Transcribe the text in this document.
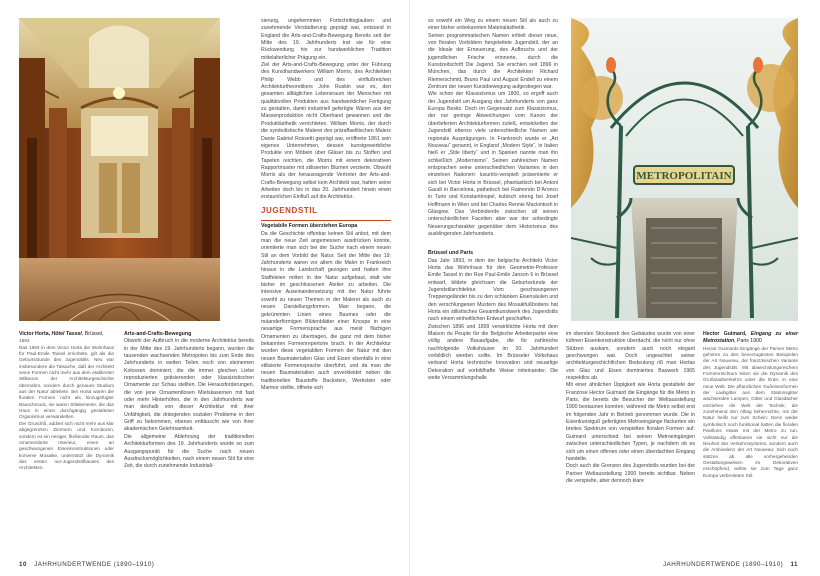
Victor Horta, Hôtel Tassel, Brüssel,

1893

Das 1893 in dem Victor Horta die Wohnhaus für Paul-Emile Tassel errichtete, gilt als die Geburtsstunde des Jugendstils. Neu war insbesondere die Tatsache, daß der Architekt seine Formen nicht mehr aus dem etablierten Stilkanon der Architekturgeschichte übernahm, sondern durch genaues Studium aus der Natur ableitete. Bei Horta waren die floralen Formen nicht als hinzugefügter Bauschmuck, sie waren Stilelemente, die das Haus in einen durchgängig gestalteten Organismus verwandelten.

Der Grundriß, addiert sich nicht mehr aus klar abgegrenzten Zimmern und Korridoren, sondern ist ein riesiger, fließender Raum, das ornamentierte Interieur, einen an geschwungenen Eisenkonstruktionen oder konvexe Mosaike, unterstützt die Dynamik des ersten nur-Jugendstilhauses des Architekten.

Arts-and-Crafts-Bewegung

Obwohl der Aufbruch in die moderne Architektur bereits in der Mitte des 19. Jahrhunderts begann, wurden die tausenden wachsenden Metropolen bis zum Ende des Jahrhunderts in weiten Teilen noch von steinernen Kolossen dominiert, die die immer gleichen Liebe reproduzierten gotisierenden oder klassizistischen Ornamente zur Schau stellten. Die Herausforderungen, die von jene Ornamentlosen Mietskasernen mit fast oder mehr Hinterhöfen, die in den Jahrhunderts war man deshalb von dieser Architektur mit ihrer Unfähigkeit, die drängenden sozialen Probleme in den Griff zu bekommen, ebenso enttäuscht wie von ihrer akademischen Gelehrsamkeit.

Die allgemeine Ablehnung der traditionellen Architekturformen des 19. Jahrhunderts wurde so zum Ausgangspunkt für die Suche nach neuen Ausdrucksmöglichkeiten, nach einem neuen Stil für eine Zeit, die durch zunehmende Industriali-

sierung, ungehemmten Fortschrittsglauben und zunehmende Verstädterung geprägt war, entstand in England die Arts-and-Crafts-Bewegung Bereits seit der Mitte des 19. Jahrhunderts trat sie für eine Rückwendung hin zur handwerklichen Tradition mittelalterlicher Prägung ein.

Ziel der Arts-and-Crafts-Bewegung unter der Führung des Kunsthandwerkers William Morris, des Architekten Philip Webb und des einflußreichen Architekturtheoretikers John Ruskin war es, den gesamten alltäglichen Lebensraum der Menschen mit qualitätvollen Produkten aus handwerklicher Fertigung zu gestalten, damit industriell gefertigte Waren aus der Massenproduktion nicht Oberhand gewannen und die Produktästhetik verrichteten. William Morris, der durch die symbolistische Malerei des präraffaelitischen Malers Dante Gabriel Rossetti geprägt war, eröffnete 1861 sein eigenes Unternehmen, dessen kunstgewerbliche Produkte von Möbeln über Gläser bis zu Stoffen und Tapeten reichten, die Morris mit einem dekorativen Rapportmuster mit stilisierten Blumen verzierte. Obwohl Morris als der herausragende Vertreter der Arts-and-Crafts-Bewegung selbst kein Architekt war, hatten seine Arbeiten doch bis in das 20. Jahrhundert hinein einen erstaunlichen Einfluß auf die Architektur.

JUGENDSTIL

Vegetabile Formen überziehen Europa

Da die Geschichte offenbar keinen Stil anbot, mit dem man die neue Zeit angemessen ausdrücken konnte, orientierte man sich bei der Suche nach einem neuen Stil an dem Vorbild der Natur. Seit der Mitte des 19. Jahrhunderts waren vor allem die Maler in Frankreich hinaus in die Landschaft gezogen und hatten ihre Staffeleien mitten in der Natur aufgebaut, statt wie bisher im geschlossenen Atelier zu arbeiten. Die intensive Auseinandersetzung mit der Natur führte sowohl zu neuen Themen in der Malerei als auch zu neuen Darstellungsformen. Man begann, die gekrümmten Linien eines Baumes oder die mäanderförmigen Blütenblätter einer Knospe in eine neuartige Formensprache aus meist flächigen Ornamenten zu übertragen, die ganz mit dem bisher bekannten Formenrepertoire brach. In der Architektur wurden diese vegetabilen Formen der Natur mit den neuen Baumaterialien Glas und Eisen ebenfalls in eine stilisierte Formensprache überführt, und da man die neuen Baumaterialien auch unverkleidet neben die traditionellen Baustoffe Backstein, Werkstein oder Marmor stellte, öffnete sich

10 JAHRHUNDERTWENDE (1890–1910)

so sowohl ein Weg zu einem neuen Stil als auch zu einer bisher unbekannten Materialästhetik.

Seinen programmatischen Namen erhielt dieser neue, von floralen Vorbildern hergeleitete Jugendstil, der an die Ideale der Erneuerung, des Aufbruchs und der jugendlichen Frische erinnerte, durch die Kunstzeitschrift Die Jugend. Sie erschien seit 1896 in München, das durch die Architekten Richard Riemerschmid, Bruno Paul und August Endell zu einem Zentrum der neuen Kunstbewegung aufgestiegen war.

Wie schon der Klassizismus um 1800, so ergriff auch der Jugendstil um Ausgang des Jahrhunderts von ganz Europa Besitz. Doch im Gegensatz zum Klassizismus, der nur geringe Abweichungen vom Kanon der überlieferten Architekturformen zuließ, entwickelten der Jugendstil ebenso viele unterschiedliche Namen wie regionale Ausprägungen. In Frankreich wurde er „Art Nouveau“ genannt, in England „Modern Style“, in Italien hieß er „Stile liberty“ und in Spanien nannte man ihn schließlich „Modernismo“. Seinen zahlreichen Namen entsprachen seine unterschiedlichen Varianten in den einzelnen Nationen: luxuriös-verspielt präsentierte er sich bei Victor Horta in Brüssel, phantastisch bei Antoni Gaudí in Barcelona, pathetisch bei Raimondo D’Aronco in Turin und Konstantinopel, kubisch streng bei Josef Hoffmann in Wien und bei Charles Rennie Mackintosh in Glasgow. Das Verbindende zwischen all seinen unterschiedlichen Facetten aber war der unbedingte Neuerungscharakter gegenüber dem Historismus des ausklingenden Jahrhunderts.

Brüssel und Paris

Das Jahr 1893, in dem der belgische Architekt Victor Horta das Wohnhaus für den Geometrie-Professor Emile Tassel in der Rue Paul-Emile Janson 6 in Brüssel entwarf, bildete gleichsam die Geburtsstunde der Jugendstilarchitektur. Vom geschwungenen Treppengeländer bis zu den schlanken Eisensäulen und den verschlungenen Mustern des Mosaikfußbodens hat Horta ein stilistisches Gesamtkunstwerk des Jugendstils nach einem einheitlichen Entwurf geschaffen.

Zwischen 1896 und 1899 verwirklichte Horta mit dem Maison du Peuple für die Belgische Arbeiterpartei eine völlig andere Bauaufgabe, die für zahlreiche nachfolgende Volkshäuser im 20. Jahrhundert vorbildlich werden sollte. Im Brüsseler Volkshaus verband Horta technische Innovation und neuartige Dekoration auf vorbildhafte Weise miteinander. Die weite Versammlungshalle

im obersten Stockwerk des Gebäudes wurde von einer kühnen Eisenkonstruktion überdacht, die nicht nur ohne Stützen auskam, sondern auch noch elegant geschwungen war. Doch ungeachtet seiner architekturgeschichtlichen Bedeutung riß man Hortas von Glas und Eisen dominiertes Bauwerk 1965 respektlos ab.

Mit einer ähnlichen Üppigkeit wie Horta gestaltete der Franzose Hector Guimard die Eingänge für die Metro in Paris, die bereits die Besucher der Weltausstellung 1900 bestaunen konnten, während die Metro selbst erst im folgenden Jahr in Betrieb genommen wurde. Die in Eisenkunstguß gefertigten Metroeingänge flackerten ein breites Spektrum von verspielten floralen Formen auf. Guimard unterschied bei seinen Metroeingängen zwischen unterschiedlichen Typen, je nachdem ob es sich um einen offenen oder einen überdachten Eingang handelte.

Doch auch die Grenzen des Jugendstils wurden bei der Pariser Weltausstellung 1900 bereits sichtbar. Neben die verspielte, aber dennoch klare

METROPOLITAIN

Hector Guimard, Eingang zu einer Metrostation, Paris 1900

Hector Guimards Eingänge der Pariser Metro gehören zu den bevorzugtesten Beispielen der Art Nouveau, der französischen Variante des Jugendstils. Mit abwechslungsreichem Formenreichtum leiten sie die Dynamik des Großstadtverkehrs unter die Erde, in eine neue Welt. Die pflanzlichen Gußeisenformen der Laubgitter aus dem Stationsgitter wachsenden Lampen, Gitter und Glasdächer entziehen die Welt der Technik, die zunehmend den Alltag beherrschte, mit der Natur heißt nur zum Schein: Denn weder symbolisch noch funktional hatten die floralen Pavillons etwas mit der Metro zu tun. Vollständig offenbaren sie nicht nur die Neuheit des Verkehrssystems, sondern auch die Ambivalenz der Art Nouveau: Sich noch stützen ab alle vorhergehenden Gestaltungsweisen im Dekorativen erschöpfend, wirkte sie zum Tage ganz Europa verbreiteten Stil.

JAHRHUNDERTWENDE (1890–1910) 11
